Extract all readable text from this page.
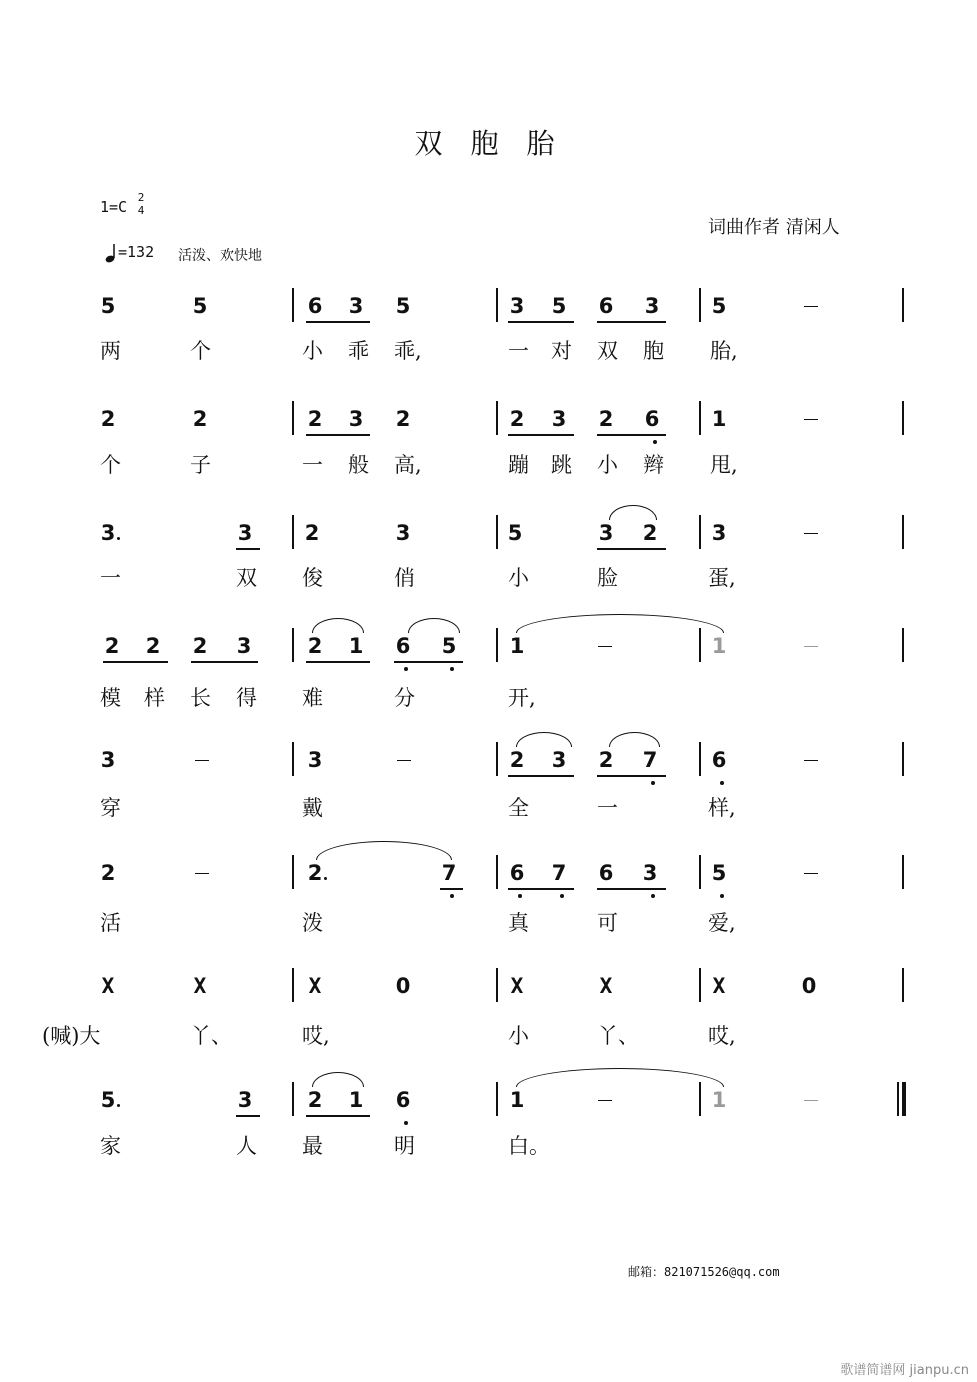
双胞胎
1=C
2
4
词曲作者 清闲人
=132 活泼、欢快地
5	5	6 3 5	3 5 6 3 5
两	个	小 乖 乖,	一 对 双 胞 胎,
2	2	2 3 2	2 3 2 6 1
个	子	一 般 高,	蹦 跳 小 辫 甩,
3	3 2	3	5	3 2	3
一	双 俊	俏	小	脸	蛋,
2 2 2 3	2 1 6 5	1	1
模 样 长 得 难	分	开,
3	3	2 3 2 7	6
穿	戴	全	一	样,
2	2	7	6 7 6 3	5
活	泼	真	可	爱,
X	X	X	0	X	X	X	0
(喊)大	丫、	哎,	小	丫、	哎,
5	3	2 1 6	1	1
家	人 最	明	白。
邮箱：821071526@qq.com
歌谱简谱网 jianpu.cn
